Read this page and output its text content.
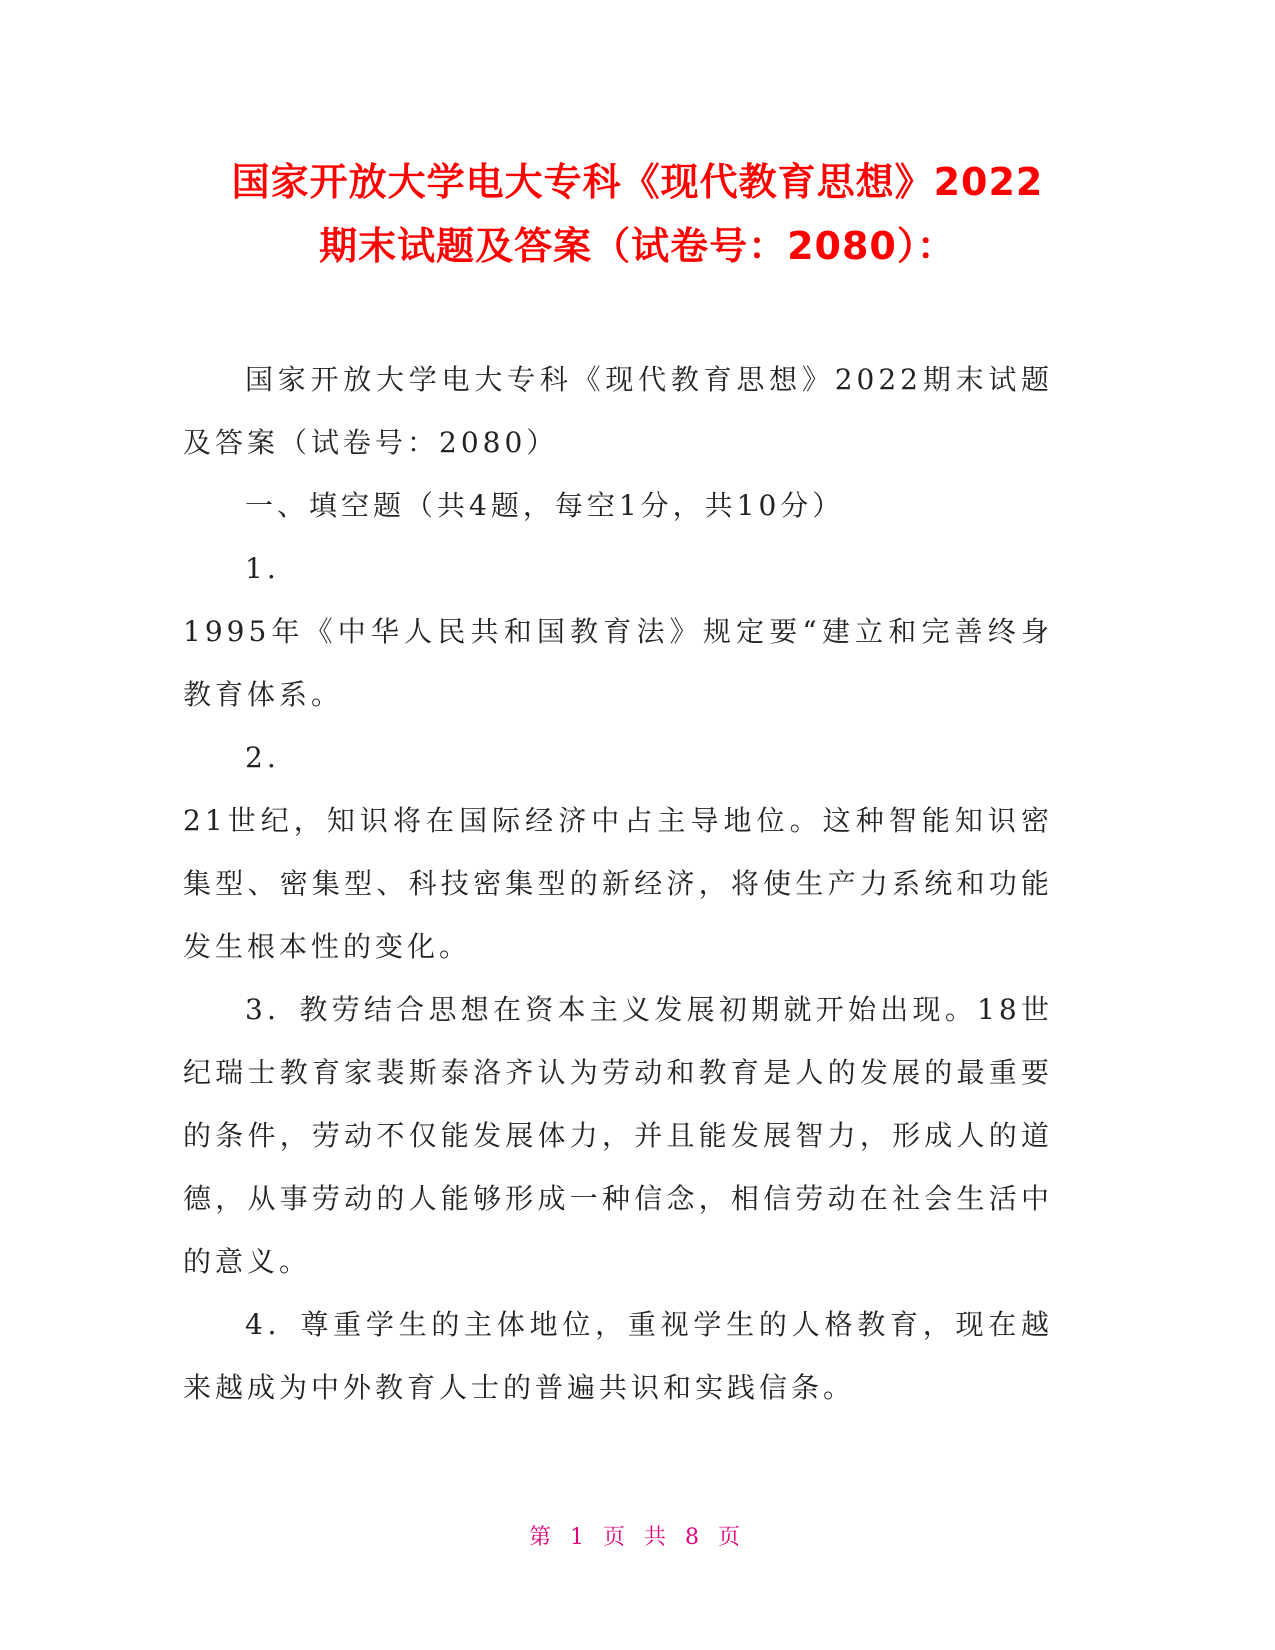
国家开放大学电大专科《现代教育思想》2022
期末试题及答案（试卷号：2080）：

国家开放大学电大专科《现代教育思想》2022期末试题及答案（试卷号：2080）

一、填空题（共4题，每空1分，共10分）

1.

1995年《中华人民共和国教育法》规定要“建立和完善终身教育体系。

2.

21世纪，知识将在国际经济中占主导地位。这种智能知识密集型、密集型、科技密集型的新经济，将使生产力系统和功能发生根本性的变化。

3．教劳结合思想在资本主义发展初期就开始出现。18世纪瑞士教育家裴斯泰洛齐认为劳动和教育是人的发展的最重要的条件，劳动不仅能发展体力，并且能发展智力，形成人的道德，从事劳动的人能够形成一种信念，相信劳动在社会生活中的意义。

4．尊重学生的主体地位，重视学生的人格教育，现在越来越成为中外教育人士的普遍共识和实践信条。

第 1 页 共 8 页
